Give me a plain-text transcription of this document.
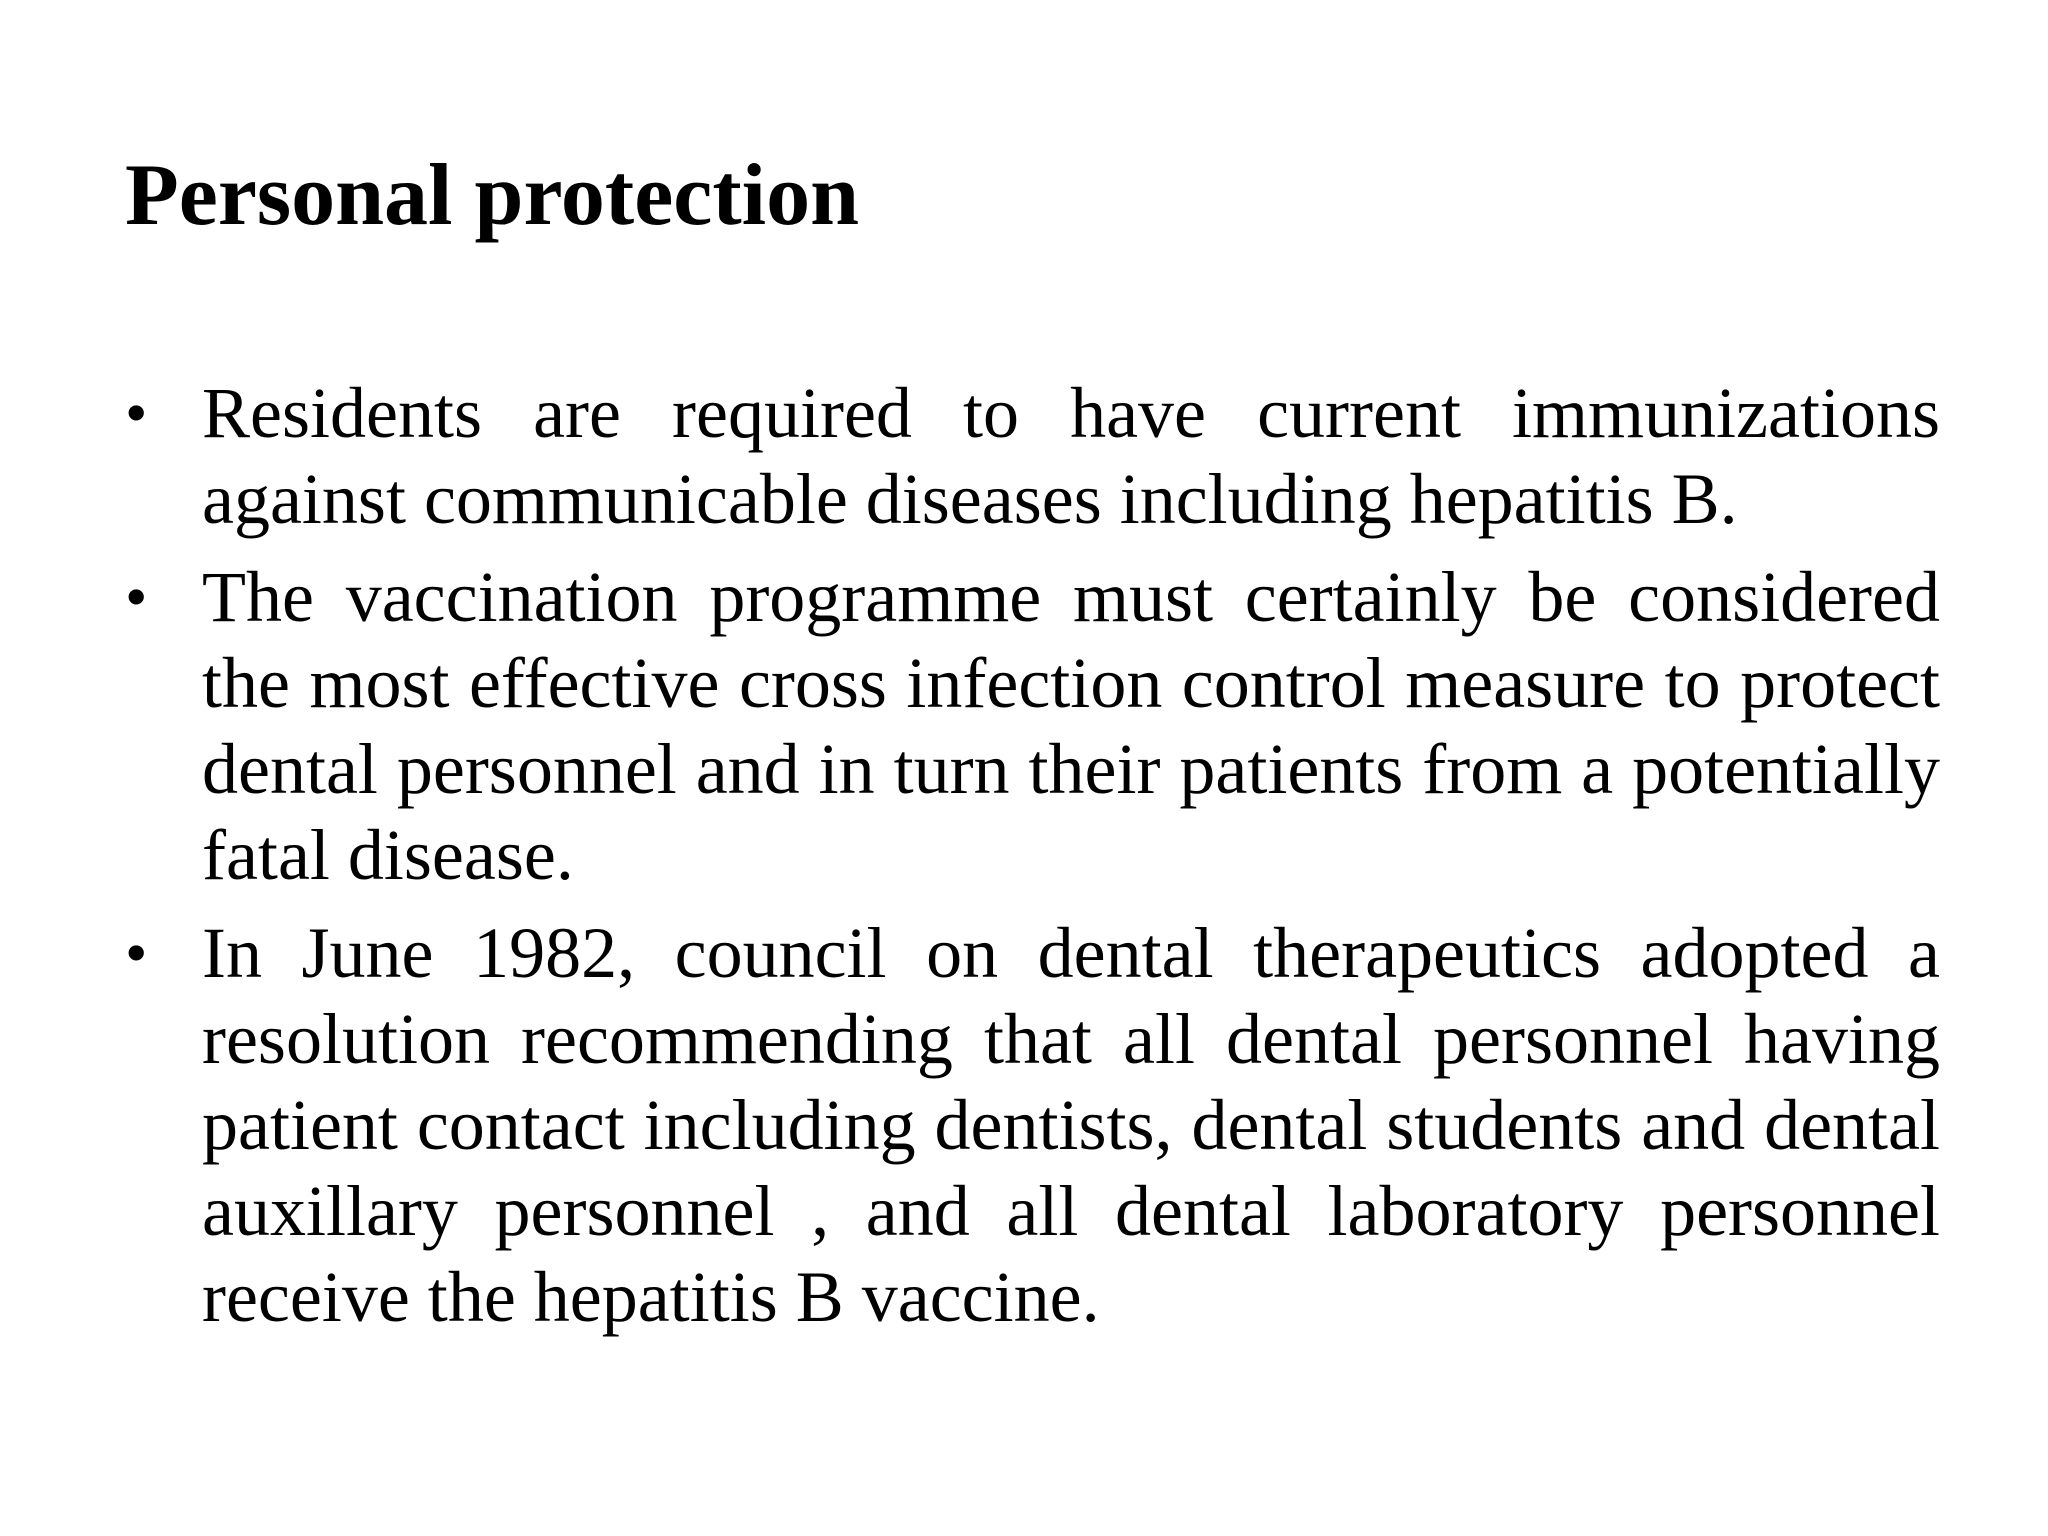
Personal protection
• Residents are required to have current immunizations against communicable diseases including hepatitis B.
• The vaccination programme must certainly be considered the most effective cross infection control measure to protect dental personnel and in turn their patients from a potentially fatal disease.
• In June 1982, council on dental therapeutics adopted a resolution recommending that all dental personnel having patient contact including dentists, dental students and dental auxillary personnel , and all dental laboratory personnel receive the hepatitis B vaccine.
